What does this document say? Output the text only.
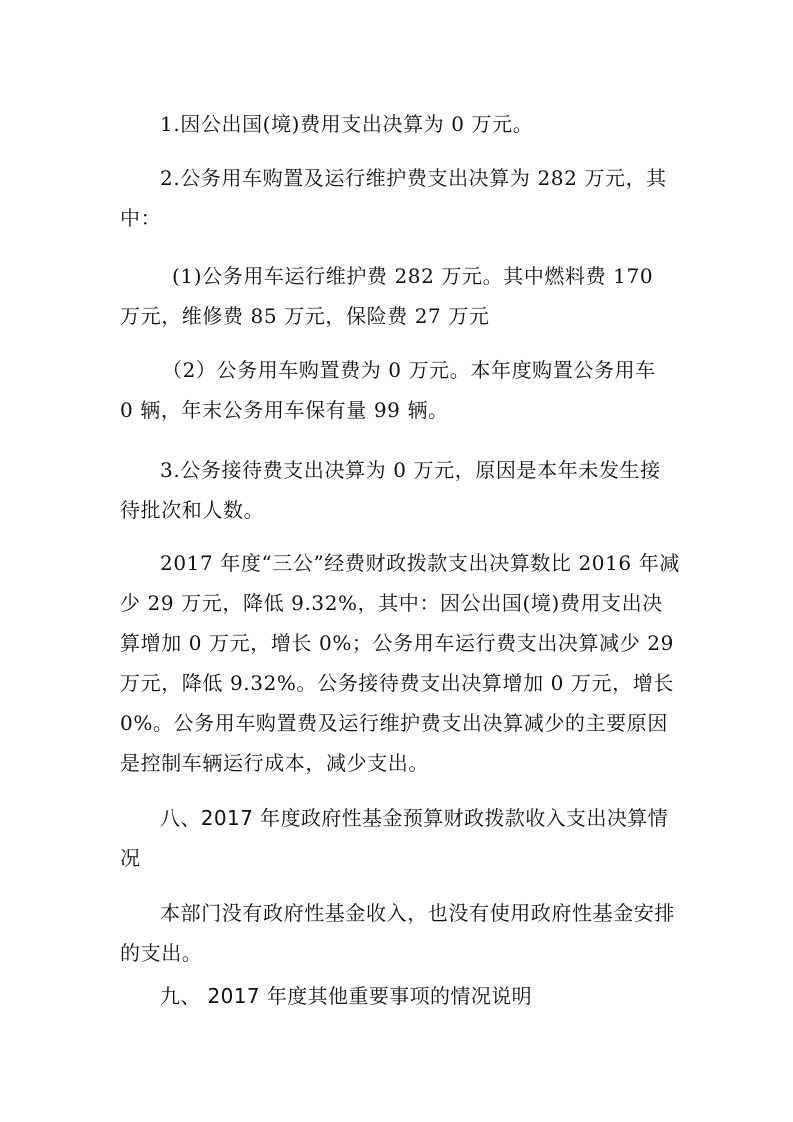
1.因公出国(境)费用支出决算为 0 万元。

2.公务用车购置及运行维护费支出决算为 282 万元，其中：

(1)公务用车运行维护费 282 万元。其中燃料费 170
万元，维修费 85 万元，保险费 27 万元

（2）公务用车购置费为 0 万元。本年度购置公务用车
0 辆，年末公务用车保有量 99 辆。

3.公务接待费支出决算为 0 万元，原因是本年未发生接待批次和人数。

2017 年度“三公”经费财政拨款支出决算数比 2016 年减少 29 万元，降低 9.32%，其中：因公出国(境)费用支出决算增加 0 万元，增长 0%；公务用车运行费支出决算减少 29 万元，降低 9.32%。公务接待费支出决算增加 0 万元，增长 0%。公务用车购置费及运行维护费支出决算减少的主要原因是控制车辆运行成本，减少支出。

八、2017 年度政府性基金预算财政拨款收入支出决算情况

本部门没有政府性基金收入，也没有使用政府性基金安排的支出。

九、 2017 年度其他重要事项的情况说明
